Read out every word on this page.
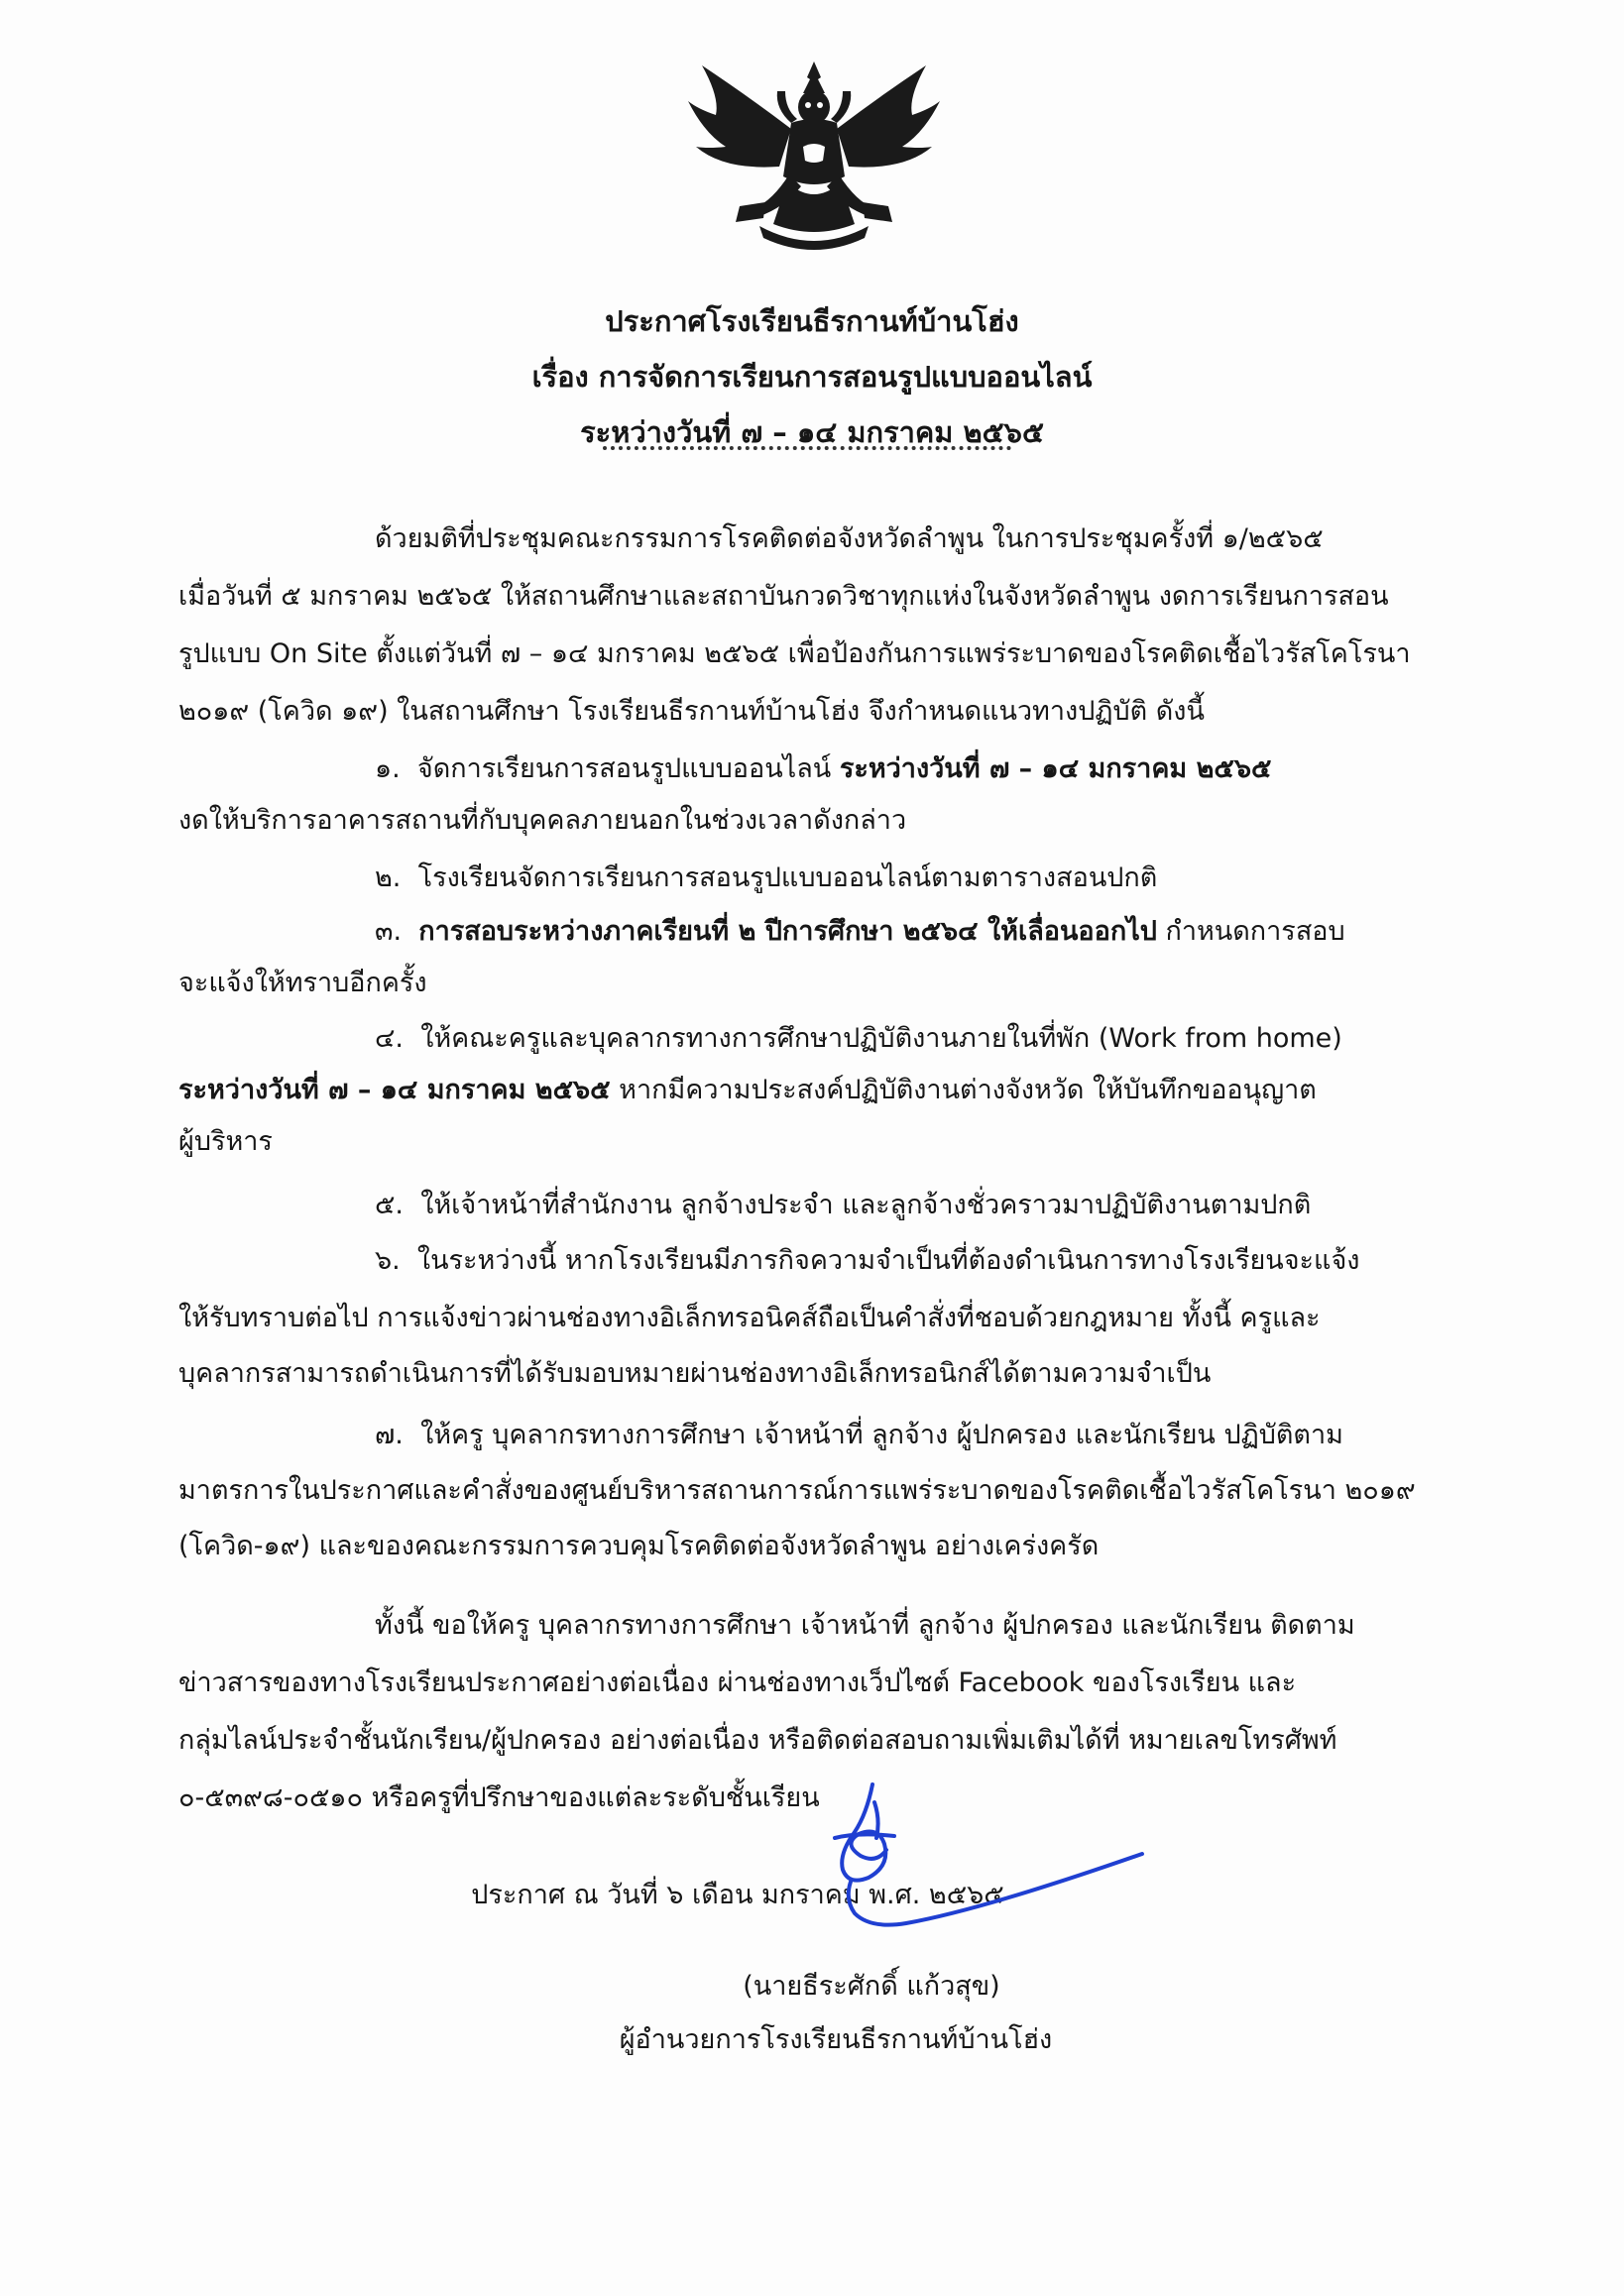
ประกาศโรงเรียนธีรกานท์บ้านโฮ่ง
เรื่อง การจัดการเรียนการสอนรูปแบบออนไลน์
ระหว่างวันที่ ๗ – ๑๔ มกราคม ๒๕๖๕
ด้วยมติที่ประชุมคณะกรรมการโรคติดต่อจังหวัดลำพูน ในการประชุมครั้งที่ ๑/๒๕๖๕
เมื่อวันที่ ๕ มกราคม ๒๕๖๕ ให้สถานศึกษาและสถาบันกวดวิชาทุกแห่งในจังหวัดลำพูน งดการเรียนการสอน
รูปแบบ On Site ตั้งแต่วันที่ ๗ – ๑๔ มกราคม ๒๕๖๕ เพื่อป้องกันการแพร่ระบาดของโรคติดเชื้อไวรัสโคโรนา
๒๐๑๙ (โควิด ๑๙) ในสถานศึกษา โรงเรียนธีรกานท์บ้านโฮ่ง จึงกำหนดแนวทางปฏิบัติ ดังนี้
๑. จัดการเรียนการสอนรูปแบบออนไลน์ ระหว่างวันที่ ๗ – ๑๔ มกราคม ๒๕๖๕
งดให้บริการอาคารสถานที่กับบุคคลภายนอกในช่วงเวลาดังกล่าว
๒. โรงเรียนจัดการเรียนการสอนรูปแบบออนไลน์ตามตารางสอนปกติ
๓. การสอบระหว่างภาคเรียนที่ ๒ ปีการศึกษา ๒๕๖๔ ให้เลื่อนออกไป กำหนดการสอบ
จะแจ้งให้ทราบอีกครั้ง
๔. ให้คณะครูและบุคลากรทางการศึกษาปฏิบัติงานภายในที่พัก (Work from home)
ระหว่างวันที่ ๗ – ๑๔ มกราคม ๒๕๖๕ หากมีความประสงค์ปฏิบัติงานต่างจังหวัด ให้บันทึกขออนุญาต
ผู้บริหาร
๕. ให้เจ้าหน้าที่สำนักงาน ลูกจ้างประจำ และลูกจ้างชั่วคราวมาปฏิบัติงานตามปกติ
๖. ในระหว่างนี้ หากโรงเรียนมีภารกิจความจำเป็นที่ต้องดำเนินการทางโรงเรียนจะแจ้ง
ให้รับทราบต่อไป การแจ้งข่าวผ่านช่องทางอิเล็กทรอนิคส์ถือเป็นคำสั่งที่ชอบด้วยกฎหมาย ทั้งนี้ ครูและ
บุคลากรสามารถดำเนินการที่ได้รับมอบหมายผ่านช่องทางอิเล็กทรอนิกส์ได้ตามความจำเป็น
๗. ให้ครู บุคลากรทางการศึกษา เจ้าหน้าที่ ลูกจ้าง ผู้ปกครอง และนักเรียน ปฏิบัติตาม
มาตรการในประกาศและคำสั่งของศูนย์บริหารสถานการณ์การแพร่ระบาดของโรคติดเชื้อไวรัสโคโรนา ๒๐๑๙
(โควิด-๑๙) และของคณะกรรมการควบคุมโรคติดต่อจังหวัดลำพูน อย่างเคร่งครัด
ทั้งนี้ ขอให้ครู บุคลากรทางการศึกษา เจ้าหน้าที่ ลูกจ้าง ผู้ปกครอง และนักเรียน ติดตาม
ข่าวสารของทางโรงเรียนประกาศอย่างต่อเนื่อง ผ่านช่องทางเว็ปไซต์ Facebook ของโรงเรียน และ
กลุ่มไลน์ประจำชั้นนักเรียน/ผู้ปกครอง อย่างต่อเนื่อง หรือติดต่อสอบถามเพิ่มเติมได้ที่ หมายเลขโทรศัพท์
๐-๕๓๙๘-๐๕๑๐ หรือครูที่ปรึกษาของแต่ละระดับชั้นเรียน
ประกาศ ณ วันที่ ๖ เดือน มกราคม พ.ศ. ๒๕๖๕
(นายธีระศักดิ์ แก้วสุข)
ผู้อำนวยการโรงเรียนธีรกานท์บ้านโฮ่ง
